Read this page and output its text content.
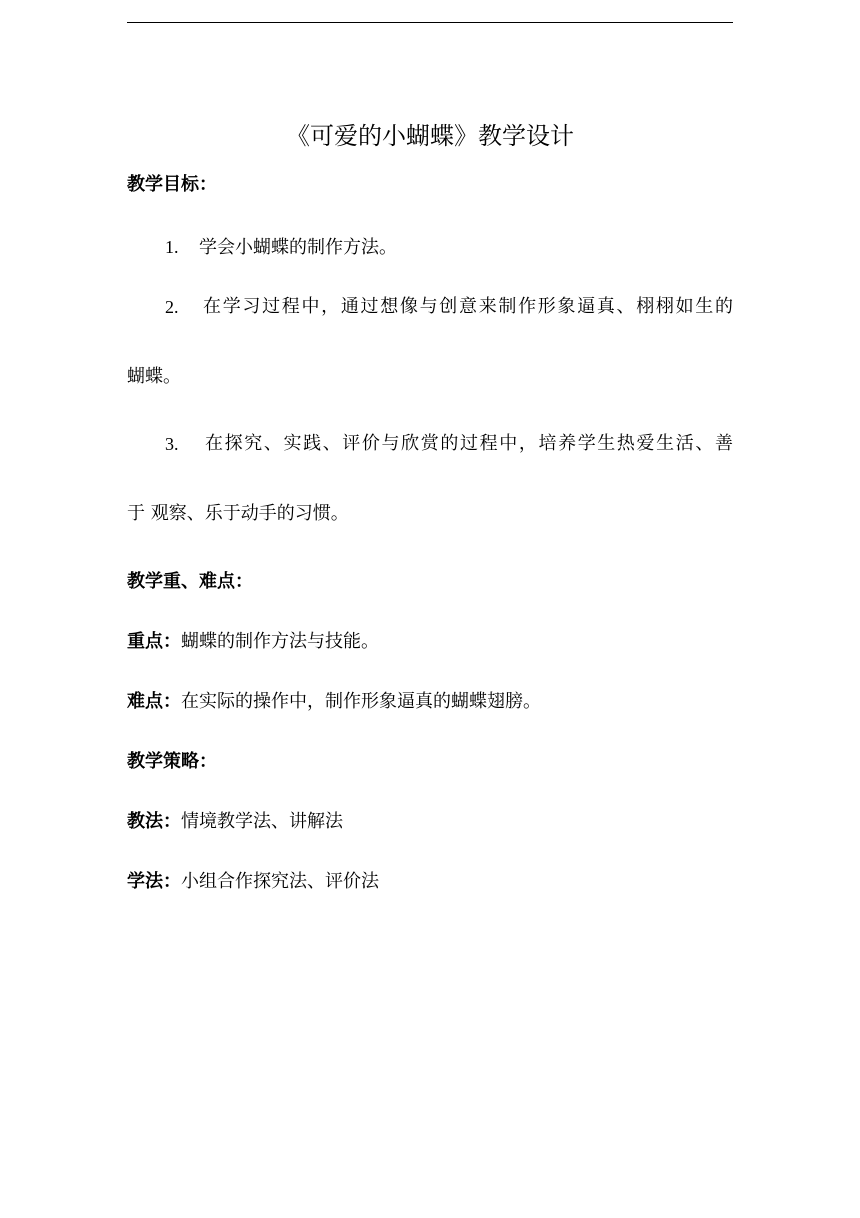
《可爱的小蝴蝶》教学设计
教学目标：
1. 学会小蝴蝶的制作方法。
2.	在学习过程中，通过想像与创意来制作形象逼真、栩栩如生的
蝴蝶。
3.	在探究、实践、评价与欣赏的过程中，培养学生热爱生活、善
于 观察、乐于动手的习惯。
教学重、难点：
重点：蝴蝶的制作方法与技能。
难点：在实际的操作中，制作形象逼真的蝴蝶翅膀。
教学策略：
教法：情境教学法、讲解法
学法：小组合作探究法、评价法
